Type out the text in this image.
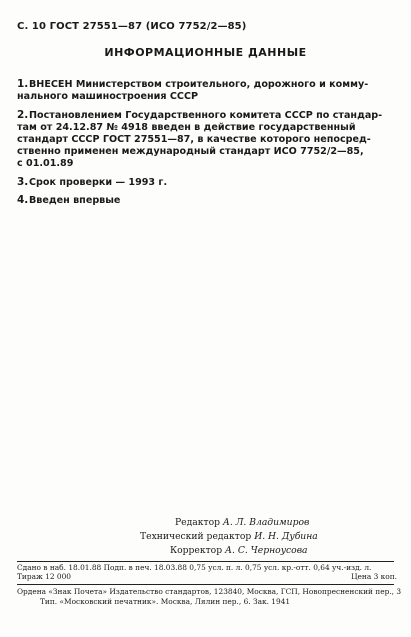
С. 10 ГОСТ 27551—87 (ИСО 7752/2—85)
ИНФОРМАЦИОННЫЕ ДАННЫЕ
1. ВНЕСЕН Министерством строительного, дорожного и комму-
нального машиностроения СССР
2. Постановлением Государственного комитета СССР по стандар-
там от 24.12.87 № 4918 введен в действие государственный
стандарт СССР ГОСТ 27551—87, в качестве которого непосред-
ственно применен международный стандарт ИСО 7752/2—85,
с 01.01.89
3. Срок проверки — 1993 г.
4. Введен впервые
Редактор А. Л. Владимиров
Технический редактор И. Н. Дубина
Корректор А. С. Черноусова
Сдано в наб. 18.01.88 Подп. в печ. 18.03.88 0,75 усл. п. л. 0,75 усл. кр.-отт. 0,64 уч.-изд. л.
Тираж 12 000	Цена 3 коп.
Ордена «Знак Почета» Издательство стандартов, 123840, Москва, ГСП, Новопресненский пер., 3
Тип. «Московский печатник». Москва, Лялин пер., 6. Зак. 1941
